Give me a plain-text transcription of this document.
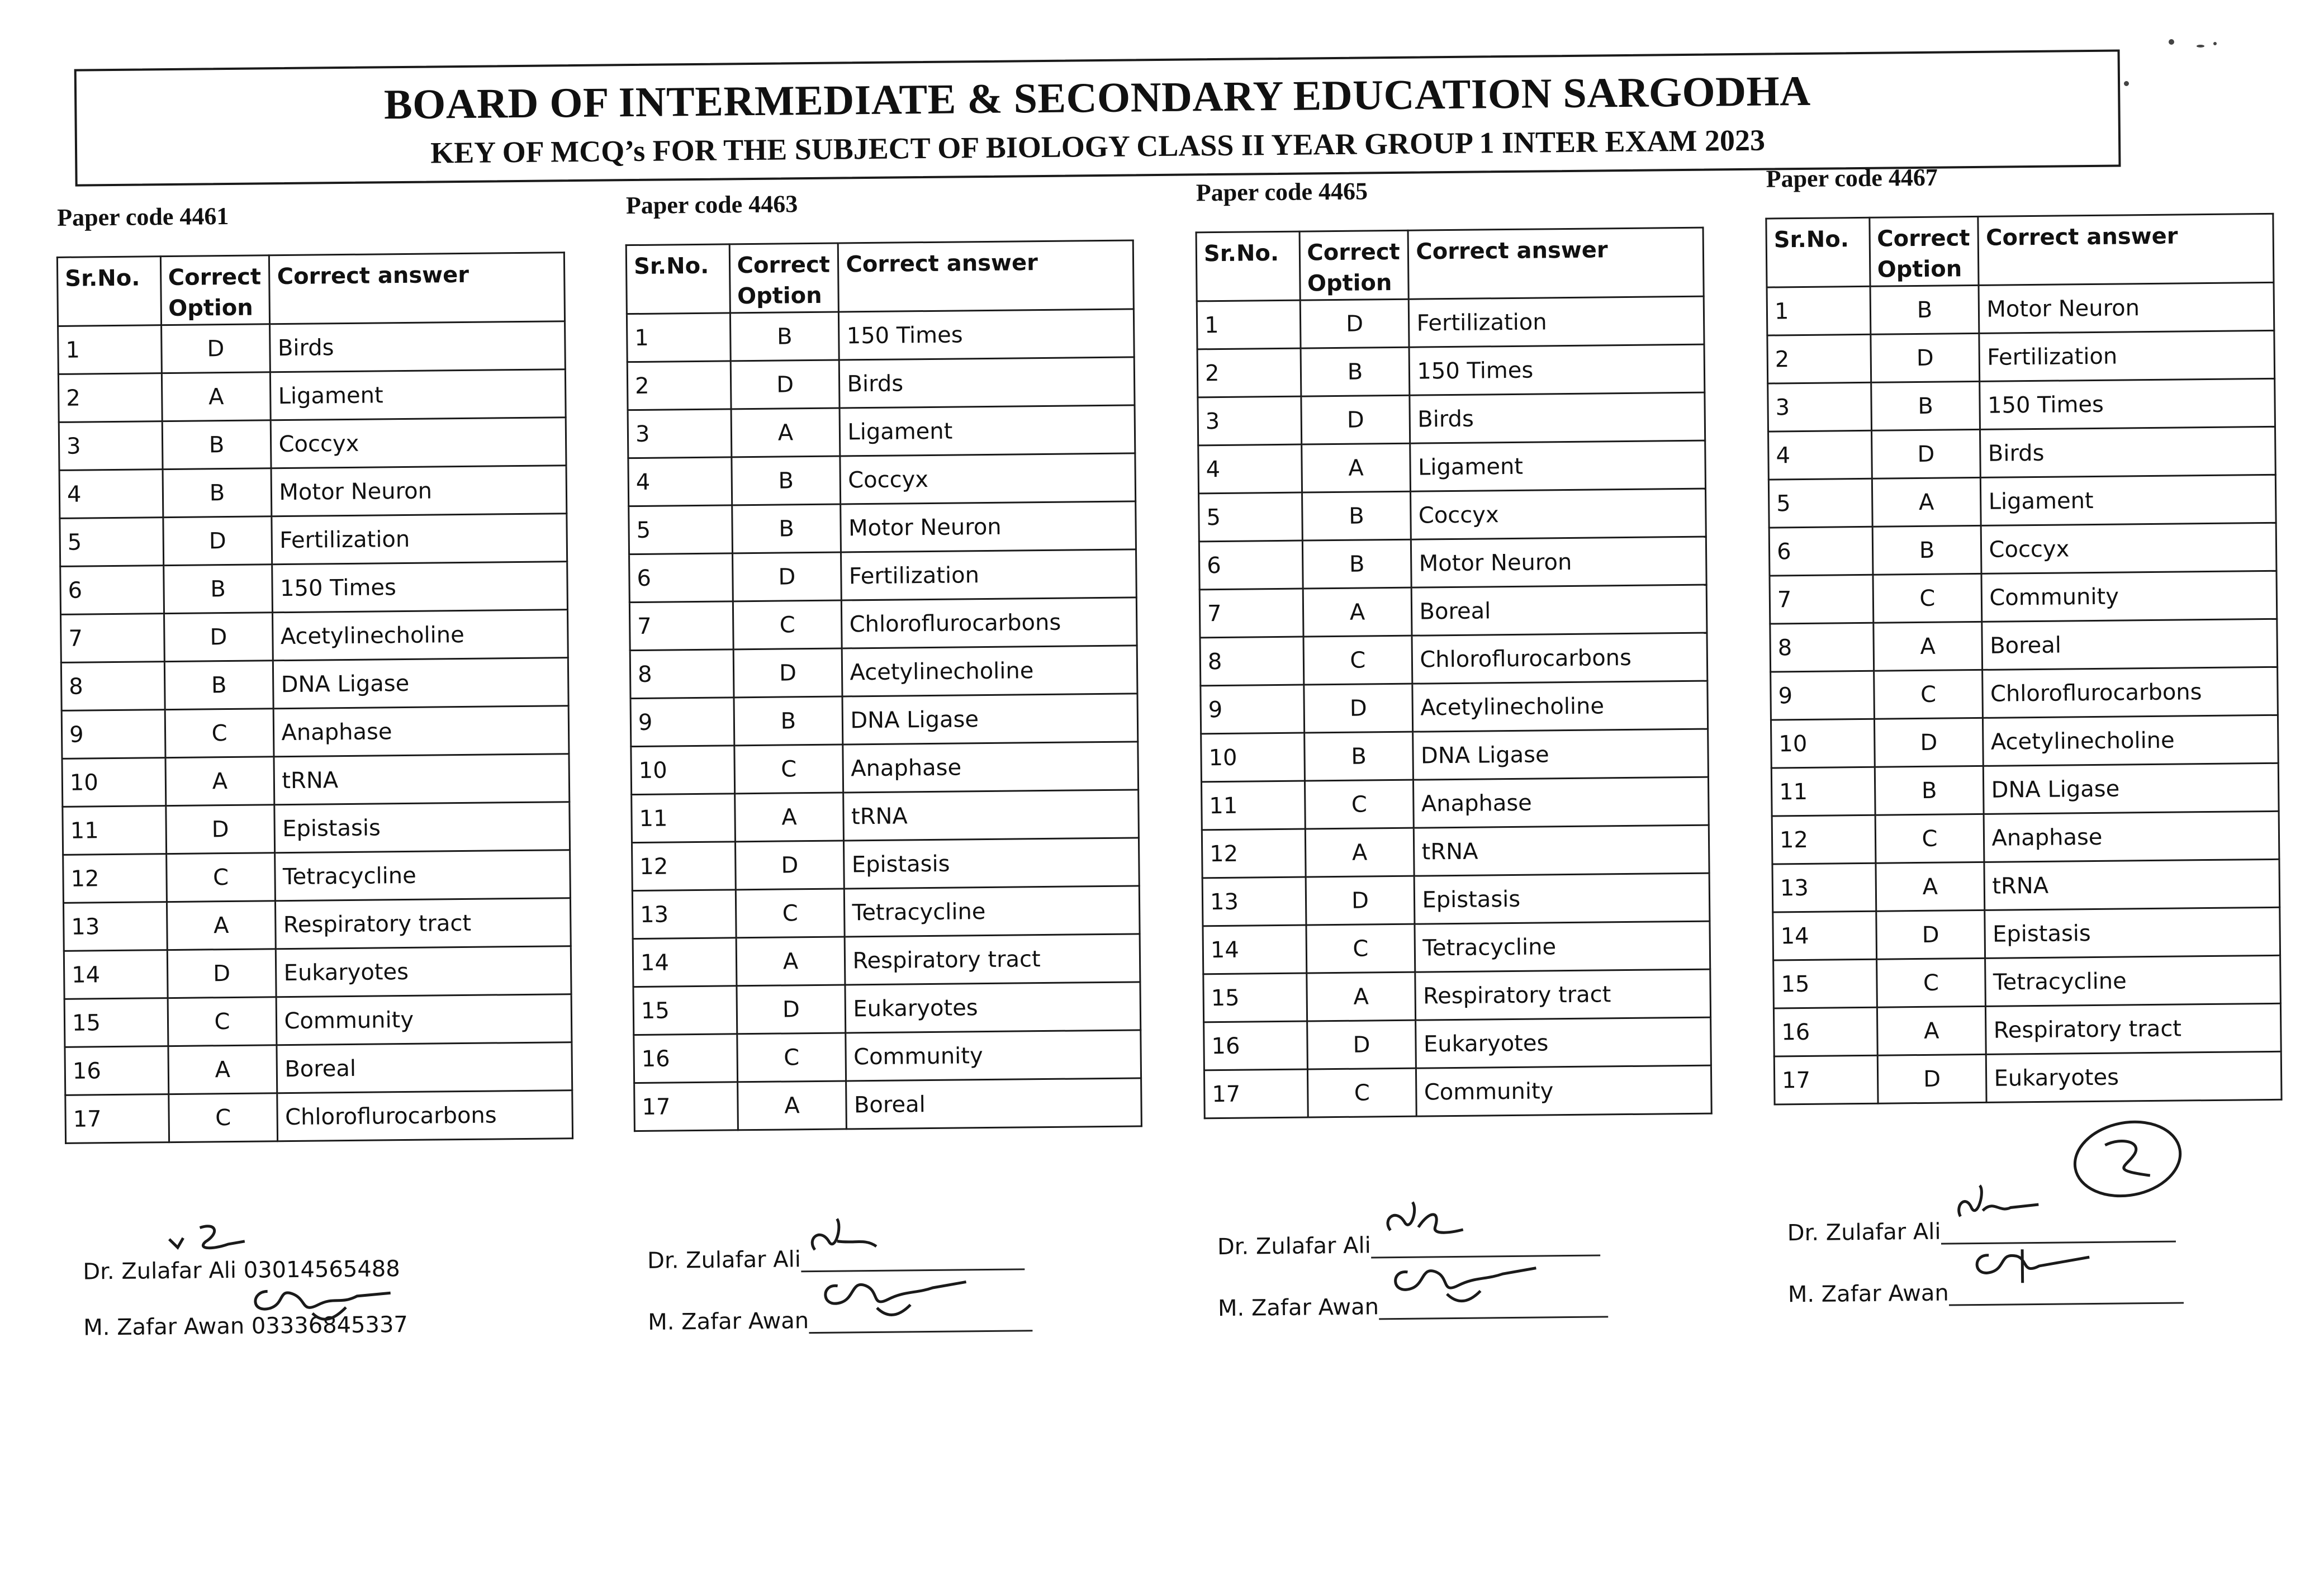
BOARD OF INTERMEDIATE & SECONDARY EDUCATION SARGODHA
KEY OF MCQ’s FOR THE SUBJECT OF BIOLOGY CLASS II YEAR GROUP 1 INTER EXAM 2023
Paper code 4461	Paper code 4463	Paper code 4465	Paper code 4467
Sr.No.	Correct Option	Correct answer
1	D	Birds
2	A	Ligament
3	B	Coccyx
4	B	Motor Neuron
5	D	Fertilization
6	B	150 Times
7	D	Acetylinecholine
8	B	DNA Ligase
9	C	Anaphase
10	A	tRNA
11	D	Epistasis
12	C	Tetracycline
13	A	Respiratory tract
14	D	Eukaryotes
15	C	Community
16	A	Boreal
17	C	Chloroflurocarbons
Sr.No.	Correct Option	Correct answer
1	B	150 Times
2	D	Birds
3	A	Ligament
4	B	Coccyx
5	B	Motor Neuron
6	D	Fertilization
7	C	Chloroflurocarbons
8	D	Acetylinecholine
9	B	DNA Ligase
10	C	Anaphase
11	A	tRNA
12	D	Epistasis
13	C	Tetracycline
14	A	Respiratory tract
15	D	Eukaryotes
16	C	Community
17	A	Boreal
Sr.No.	Correct Option	Correct answer
1	D	Fertilization
2	B	150 Times
3	D	Birds
4	A	Ligament
5	B	Coccyx
6	B	Motor Neuron
7	A	Boreal
8	C	Chloroflurocarbons
9	D	Acetylinecholine
10	B	DNA Ligase
11	C	Anaphase
12	A	tRNA
13	D	Epistasis
14	C	Tetracycline
15	A	Respiratory tract
16	D	Eukaryotes
17	C	Community
Sr.No.	Correct Option	Correct answer
1	B	Motor Neuron
2	D	Fertilization
3	B	150 Times
4	D	Birds
5	A	Ligament
6	B	Coccyx
7	C	Community
8	A	Boreal
9	C	Chloroflurocarbons
10	D	Acetylinecholine
11	B	DNA Ligase
12	C	Anaphase
13	A	tRNA
14	D	Epistasis
15	C	Tetracycline
16	A	Respiratory tract
17	D	Eukaryotes
Dr. Zulafar Ali 03014565488
M. Zafar Awan 03336845337
Dr. Zulafar Ali
M. Zafar Awan
Dr. Zulafar Ali
M. Zafar Awan
Dr. Zulafar Ali
M. Zafar Awan
